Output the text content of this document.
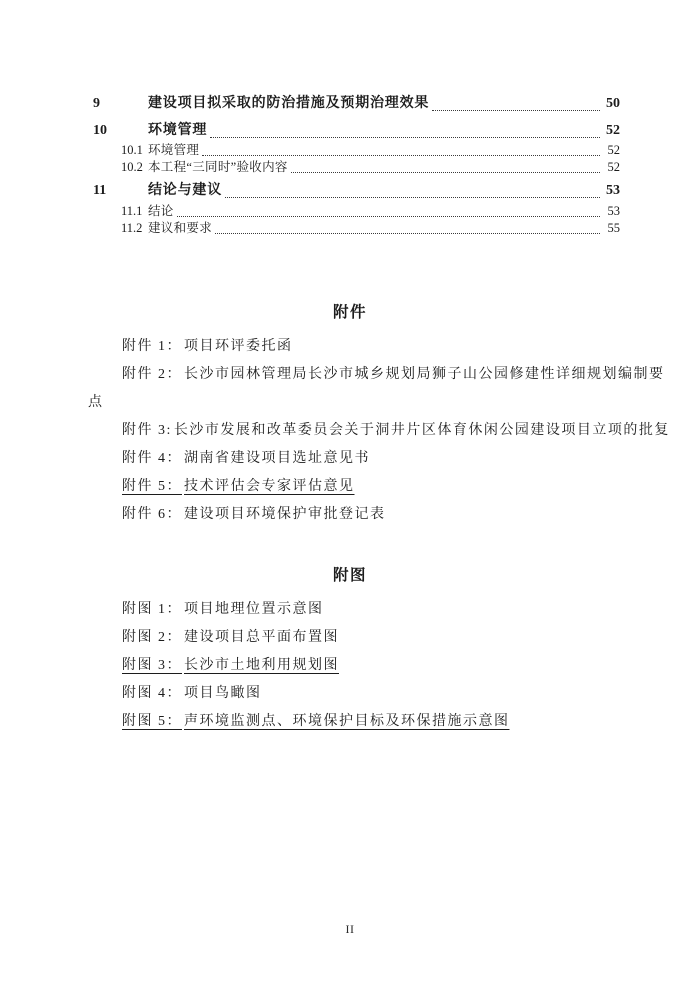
9	建设项目拟采取的防治措施及预期治理效果	50
10	环境管理	52
10.1 环境管理	52
10.2 本工程“三同时”验收内容	52
11	结论与建议	53
11.1 结论	53
11.2 建议和要求	55
附件
附件 1： 项目环评委托函
附件 2： 长沙市园林管理局长沙市城乡规划局狮子山公园修建性详细规划编制要
点
附件 3: 长沙市发展和改革委员会关于洞井片区体育休闲公园建设项目立项的批复
附件 4： 湖南省建设项目选址意见书
附件 5： 技术评估会专家评估意见
附件 6： 建设项目环境保护审批登记表
附图
附图 1： 项目地理位置示意图
附图 2： 建设项目总平面布置图
附图 3： 长沙市土地利用规划图
附图 4： 项目鸟瞰图
附图 5： 声环境监测点、环境保护目标及环保措施示意图
II
